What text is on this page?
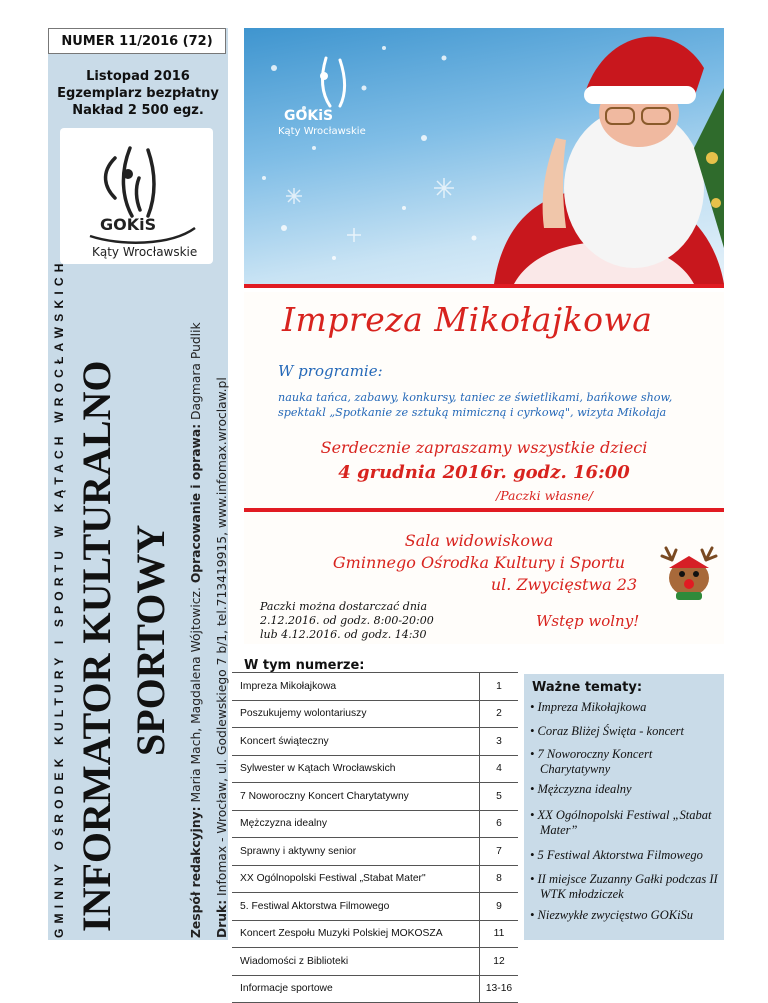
NUMER 11/2016 (72)
Listopad 2016
Egzemplarz bezpłatny
Nakład 2 500 egz.
GOKiS
Kąty Wrocławskie
GMINNY OŚRODEK KULTURY I SPORTU W KĄTACH WROCŁAWSKICH INFORMATOR KULTURALNO SPORTOWY
Zespół redakcyjny: Maria Mach, Magdalena Wójtowicz. Opracowanie i oprawa: Dagmara Pudlik
Druk: Infomax - Wrocław, ul. Godlewskiego 7 b/1, tel.713419915, www.infomax.wroclaw.pl
GOKiS
Kąty Wrocławskie
Impreza Mikołajkowa
W programie:
nauka tańca, zabawy, konkursy, taniec ze świetlikami, bańkowe show,
spektakl „Spotkanie ze sztuką mimiczną i cyrkową", wizyta Mikołaja
Serdecznie zapraszamy wszystkie dzieci
4 grudnia 2016r. godz. 16:00
/Paczki własne/
Sala widowiskowa
Gminnego Ośrodka Kultury i Sportu
ul. Zwycięstwa 23
Paczki można dostarczać dnia
2.12.2016. od godz. 8:00-20:00
lub 4.12.2016. od godz. 14:30
Wstęp wolny!
W tym numerze:
Impreza Mikołajkowa	1
Poszukujemy wolontariuszy	2
Koncert świąteczny	3
Sylwester w Kątach Wrocławskich	4
7 Noworoczny Koncert Charytatywny	5
Mężczyzna idealny	6
Sprawny i aktywny senior	7
XX Ogólnopolski Festiwal „Stabat Mater"	8
5. Festiwal Aktorstwa Filmowego	9
Koncert Zespołu Muzyki Polskiej MOKOSZA	11
Wiadomości z Biblioteki	12
Informacje sportowe	13-16
Ważne tematy:
• Impreza Mikołajkowa
• Coraz Bliżej Święta - koncert
• 7 Noworoczny Koncert Charytatywny
• Mężczyzna idealny
• XX Ogólnopolski Festiwal „Stabat Mater”
• 5 Festiwal Aktorstwa Filmowego
• II miejsce Zuzanny Gałki podczas II WTK młodziczek
• Niezwykłe zwycięstwo GOKiSu
